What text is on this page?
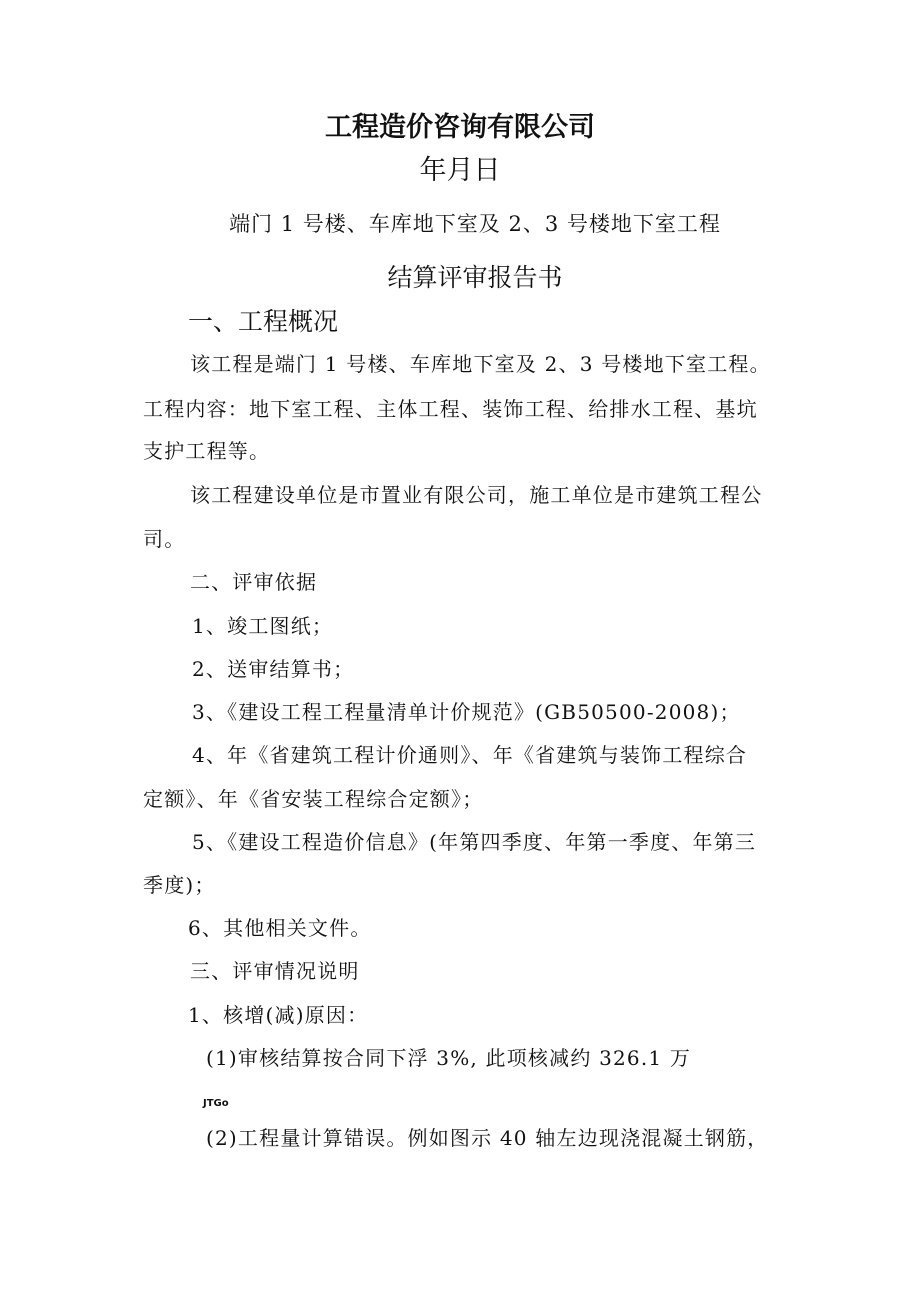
工程造价咨询有限公司
年月日
端门 1 号楼、车库地下室及 2、3 号楼地下室工程
结算评审报告书
一、工程概况
该工程是端门 1 号楼、车库地下室及 2、3 号楼地下室工程。
工程内容：地下室工程、主体工程、装饰工程、给排水工程、基坑
支护工程等。
该工程建设单位是市置业有限公司，施工单位是市建筑工程公
司。
二、评审依据
1、竣工图纸；
2、送审结算书；
3、《建设工程工程量清单计价规范》(GB50500-2008)；
4、年《省建筑工程计价通则》、年《省建筑与装饰工程综合
定额》、年《省安装工程综合定额》；
5、《建设工程造价信息》(年第四季度、年第一季度、年第三
季度)；
6、其他相关文件。
三、评审情况说明
1、核增(减)原因：
(1)审核结算按合同下浮 3%, 此项核减约 326.1 万
JTGo
(2)工程量计算错误。例如图示 40 轴左边现浇混凝土钢筋，
